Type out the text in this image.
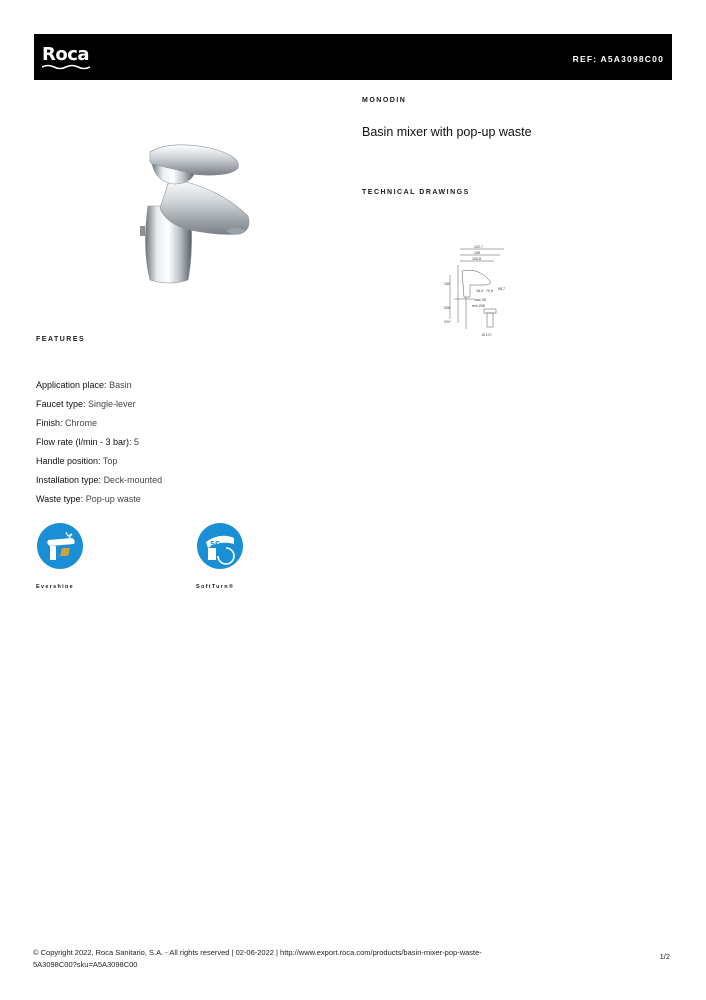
Roca	REF: A5A3098C00
MONODIN
Basin mixer with pop-up waste
TECHNICAL DRAWINGS
122,7
108
105,8
16,4 70,6 95,7
150
max 35
min 206
206
G½"
Ø 1¼"
FEATURES
Application place: Basin
Faucet type: Single-lever
Finish: Chrome
Flow rate (l/min - 3 bar): 5
Handle position: Top
Installation type: Deck-mounted
Waste type: Pop-up waste
Evershine
SC
SoftTurn®
© Copyright 2022, Roca Sanitario, S.A. - All rights reserved | 02-06-2022 | http://www.export.roca.com/products/basin-mixer-pop-waste-
5A3098C00?sku=A5A3098C00
1/2
